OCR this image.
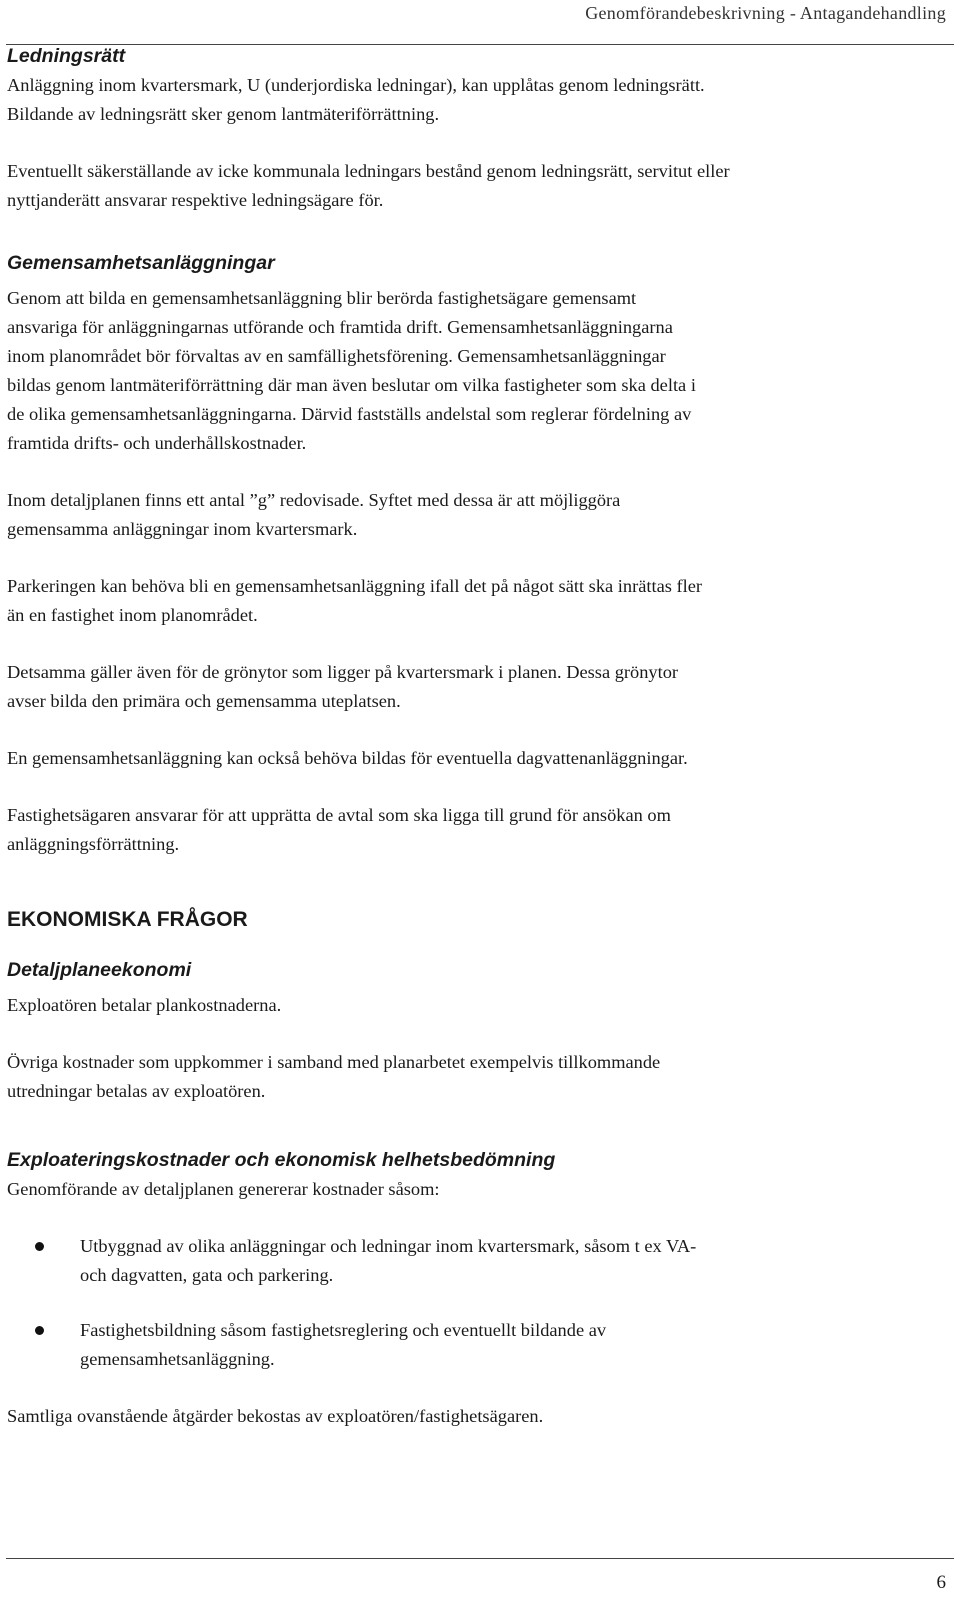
Genomförandebeskrivning - Antagandehandling
Ledningsrätt

Anläggning inom kvartersmark, U (underjordiska ledningar), kan upplåtas genom ledningsrätt.
Bildande av ledningsrätt sker genom lantmäteriförrättning.

Eventuellt säkerställande av icke kommunala ledningars bestånd genom ledningsrätt, servitut eller
nyttjanderätt ansvarar respektive ledningsägare för.

Gemensamhetsanläggningar

Genom att bilda en gemensamhetsanläggning blir berörda fastighetsägare gemensamt
ansvariga för anläggningarnas utförande och framtida drift. Gemensamhetsanläggningarna
inom planområdet bör förvaltas av en samfällighetsförening. Gemensamhetsanläggningar
bildas genom lantmäteriförrättning där man även beslutar om vilka fastigheter som ska delta i
de olika gemensamhetsanläggningarna. Därvid fastställs andelstal som reglerar fördelning av
framtida drifts- och underhållskostnader.

Inom detaljplanen finns ett antal ”g” redovisade. Syftet med dessa är att möjliggöra
gemensamma anläggningar inom kvartersmark.

Parkeringen kan behöva bli en gemensamhetsanläggning ifall det på något sätt ska inrättas fler
än en fastighet inom planområdet.

Detsamma gäller även för de grönytor som ligger på kvartersmark i planen. Dessa grönytor
avser bilda den primära och gemensamma uteplatsen.

En gemensamhetsanläggning kan också behöva bildas för eventuella dagvattenanläggningar.

Fastighetsägaren ansvarar för att upprätta de avtal som ska ligga till grund för ansökan om
anläggningsförrättning.

EKONOMISKA FRÅGOR
Detaljplaneekonomi

Exploatören betalar plankostnaderna.

Övriga kostnader som uppkommer i samband med planarbetet exempelvis tillkommande
utredningar betalas av exploatören.

Exploateringskostnader och ekonomisk helhetsbedömning

Genomförande av detaljplanen genererar kostnader såsom:

Utbyggnad av olika anläggningar och ledningar inom kvartersmark, såsom t ex VA-
och dagvatten, gata och parkering.
Fastighetsbildning såsom fastighetsreglering och eventuellt bildande av
gemensamhetsanläggning.

Samtliga ovanstående åtgärder bekostas av exploatören/fastighetsägaren.

6
